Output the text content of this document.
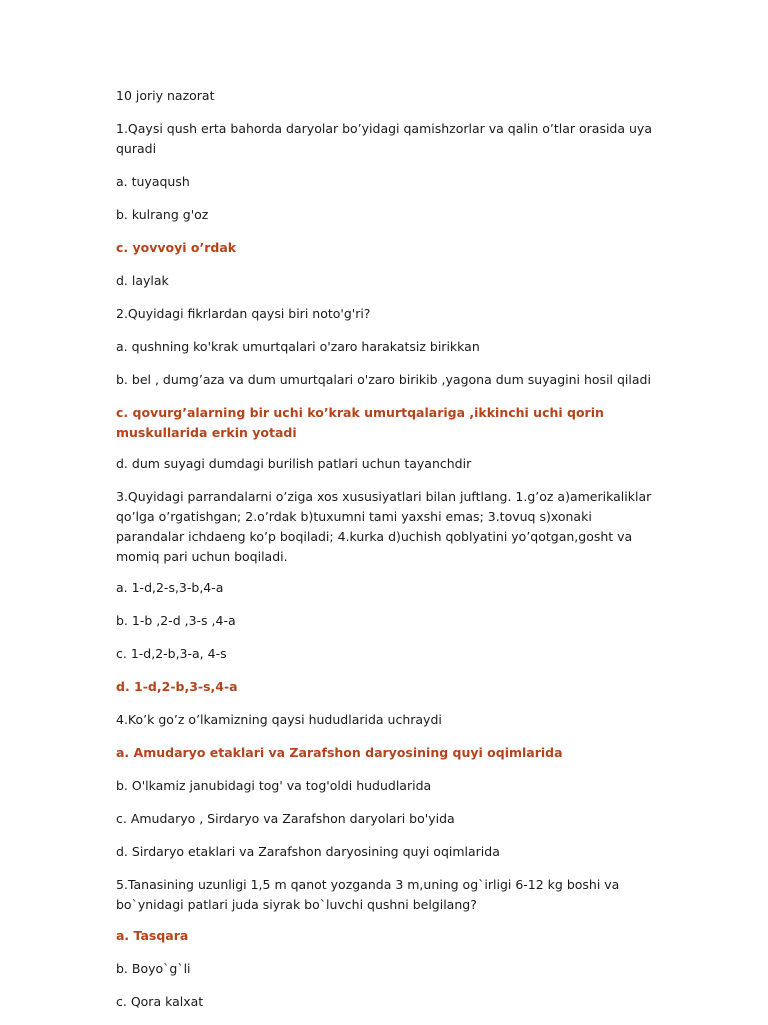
10 joriy nazorat

1.Qaysi qush erta bahorda daryolar bo’yidagi qamishzorlar va qalin o’tlar orasida uya quradi

a. tuyaqush

b. kulrang g'oz

c. yovvoyi o’rdak

d. laylak

2.Quyidagi fikrlardan qaysi biri noto'g'ri?

a. qushning ko'krak umurtqalari o'zaro harakatsiz birikkan

b. bel , dumg’aza va dum umurtqalari o'zaro birikib ,yagona dum suyagini hosil qiladi

c. qovurg’alarning bir uchi ko’krak umurtqalariga ,ikkinchi uchi qorin muskullarida erkin yotadi

d. dum suyagi dumdagi burilish patlari uchun tayanchdir

3.Quyidagi parrandalarni o’ziga xos xususiyatlari bilan juftlang. 1.g’oz a)amerikaliklar qo’lga o’rgatishgan; 2.o’rdak b)tuxumni tami yaxshi emas; 3.tovuq s)xonaki parandalar ichdaeng ko’p boqiladi; 4.kurka d)uchish qoblyatini yo’qotgan,gosht va momiq pari uchun boqiladi.

a. 1-d,2-s,3-b,4-a

b. 1-b ,2-d ,3-s ,4-a

c. 1-d,2-b,3-a, 4-s

d. 1-d,2-b,3-s,4-a

4.Ko’k go’z o’lkamizning qaysi hududlarida uchraydi

a. Amudaryo etaklari va Zarafshon daryosining quyi oqimlarida

b. O'lkamiz janubidagi tog' va tog'oldi hududlarida

c. Amudaryo , Sirdaryo va Zarafshon daryolari bo'yida

d. Sirdaryo etaklari va Zarafshon daryosining quyi oqimlarida

5.Tanasining uzunligi 1,5 m qanot yozganda 3 m,uning og`irligi 6-12 kg boshi va bo`ynidagi patlari juda siyrak bo`luvchi qushni belgilang?

a. Tasqara

b. Boyo`g`li

c. Qora kalxat
